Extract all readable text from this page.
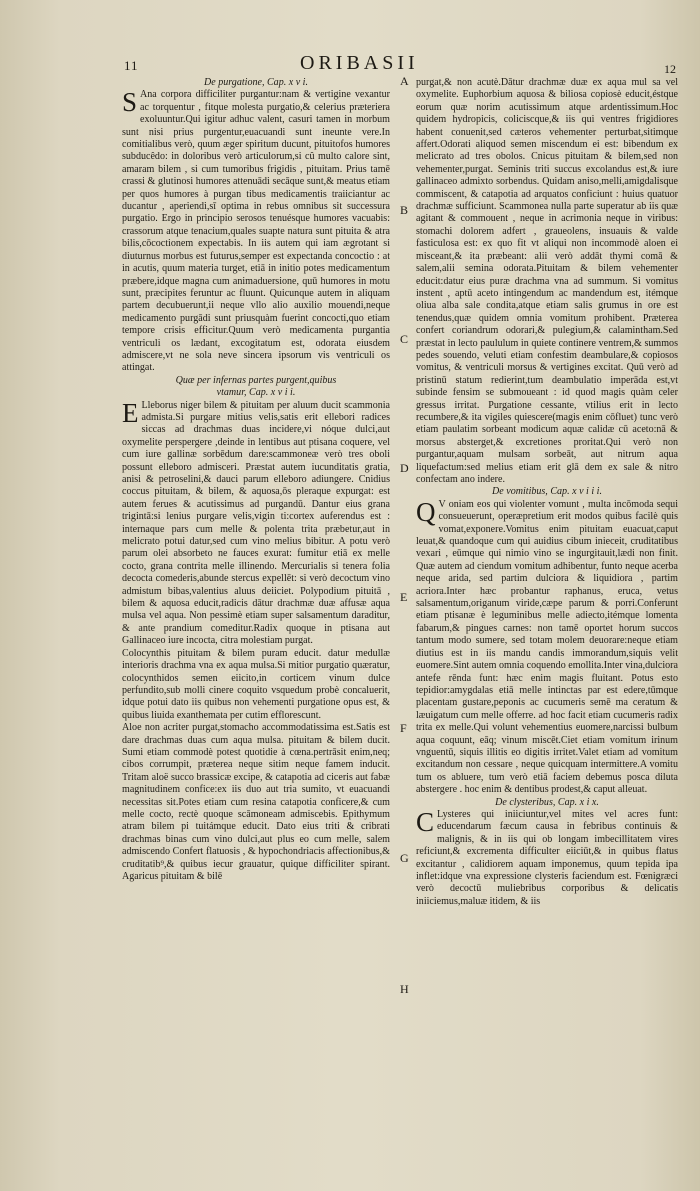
11	ORIBASII	12

De purgatione, Cap. x v i.

S Ana corpora difficiliter purgantur:nam & vertigine vexantur ac torquentur , fitque molesta purgatio,& celerius præteriera exoluuntur.Qui igitur adhuc valent, casuri tamen in morbum sunt nisi prius purgentur,euacuandi sunt ineunte vere.In comitialibus verò, quum æger spiritum ducunt, pituitofos humores subducêdo: in doloribus verò articulorum,si cû multo calore sint, amaram bilem , si cum tumoribus frigidis , pituitam. Prius tamē crassi & glutinosi humores attenuādi secāque sunt,& meatus etiam per quos humores à purgan tibus medicamentis traiiciantur ac ducantur , aperiendi,sī optima in rebus omnibus sit successura purgatio. Ergo in principio serosos tenuésque humores vacuabis: crassorum atque tenacium,quales suapte natura sunt pituita & atra bilis,cōcoctionem expectabis. In iis autem qui iam ægrotant si diuturnus morbus est futurus,semper est expectanda concoctio : at in acutis, quum materia turget, etiā in initio potes medicamentum præbere,idque magna cum animaduersione, quū humores in motu sunt, præcipites feruntur ac fluunt. Quicunque autem in aliquam partem decubuerunt,ii neque vllo alio auxilio mouendi,neque medicamento purgādi sunt priusquàm fuerint concocti,quo etiam tempore crisis efficitur.Quum verò medicamenta purgantia ventriculi os lædant, excogitatum est, odorata eiusdem admiscere,vt ne sola neve sincera ipsorum vis ventriculi os attingat.

Quæ per infernas partes purgent,quibus

vtamur, Cap. x v i i.

E Lleborus niger bilem & pituitam per aluum ducit scammonia admista.Si purgare mitius velis,satis erit ellebori radices siccas ad drachmas duas incidere,vi nóque dulci,aut oxymelite perspergere ,deinde in lentibus aut ptisana coquere, vel cum iure gallinæ sorbēdum dare:scammoneæ verò tres oboli possunt elleboro admisceri. Præstat autem iucunditatis gratia, anisi & petroselini,& dauci parum elleboro adiungere. Cnidius coccus pituitam, & bilem, & aquosa,ōs pleraque expurgat: est autem ferues & acutissimus ad purgandū. Dantur eius grana trigintā:si lenius purgare velis,vigin ti:cortex auferendus est : internaque pars cum melle & polenta trita præbetur,aut in melicrato potui datur,sed cum vino melius bibitur. A potu verò parum olei absorbeto ne fauces exurat: fumitur etiā ex melle cocto, grana contrita melle illinendo. Mercurialis si tenera folia decocta comederis,abunde stercus expellēt: si verò decoctum vino admistum bibas,valentius aluus deiiciet. Polypodium pituitā , bilem & aquosa educit,radicis dātur drachmæ duæ affusæ aqua mulsa vel aqua. Non pessimè etiam super salsamentum daraditur, & ante prandium comeditur.Radix quoque in ptisana aut Gallinaceo iure incocta, citra molestiam purgat.

Colocynthis pituitam & bilem puram educit. datur medullæ interioris drachma vna ex aqua mulsa.Si mitior purgatio quæratur, colocynthidos semen eiicito,in corticem vinum dulce perfundito,sub molli cinere coquito vsquedum probè concaluerit, idque potui dato iis quibus non vehementi purgatione opus est, & quibus liuida exanthemata per cutim efflorescunt.

Aloe non acriter purgat,stomacho accommodatissima est.Satis est dare drachmas duas cum aqua mulsa. pituitam & bilem ducit. Sumi etiam commodè potest quotidie à cœna.pertrāsit enim,neq; cibos corrumpit, præterea neque sitim neque famem inducit. Tritam aloë succo brassicæ excipe, & catapotia ad ciceris aut fabæ magnitudinem confice:ex iis duo aut tria sumito, vt euacuandi necessitas sit.Potes etiam cum resina catapotia conficere,& cum melle cocto, rectè quoque scāmoneam admiscebis. Epithymum atram bilem pi tuitámque educit. Dato eius triti & cribrati drachmas binas cum vino dulci,aut plus eo cum melle, salem admiscendo Confert flatuosis , & hypochondriacis affectionibus,& cruditatib⁹,& quibus iecur grauatur, quique difficiliter spirant. Agaricus pituitam & bilē

purgat,& non acutè.Dātur drachmæ duæ ex aqua mul sa vel oxymelite. Euphorbium aquosa & biliosa copiosè educit,éstque eorum quæ norim acutissimum atque ardentissimum.Hoc quidem hydropicis, coliciscque,& iis qui ventres frigidiores habent conuenit,sed cæteros vehementer perturbat,sitimque affert.Odorati aliquod semen miscendum ei est: bibendum ex melicrato ad tres obolos. Cnicus pituitam & bilem,sed non vehementer,purgat. Seminis triti succus excolandus est,& iure gallinaceo admixto sorbendus. Quidam aniso,melli,amigdalisque commiscent, & catapotia ad arquatos conficiunt : huius quatuor drachmæ sufficiunt. Scammonea nulla parte superatur ab iis quæ agitant & commouent , neque in acrimonia neque in viribus: stomachi dolorem adfert , graueolens, insuauis & valde fasticulosa est: ex quo fit vt aliqui non incommodè aloen ei misceant,& ita præbeant: alii verò addāt thymi comā & salem,alii semina odorata.Pituitam & bilem vehementer educit:datur eius puræ drachma vna ad summum. Si vomitus instent , aptū aceto intingendum ac mandendum est, itémque oliua alba sale condita,atque etiam salis grumus in ore est tenendus,quæ quidem omnia vomitum prohibent. Præterea confert coriandrum odorari,& pulegium,& calamintham.Sed præstat in lecto paululum in quiete continere ventrem,& summos pedes souendo, veluti etiam confestim deambulare,& copiosos vomitus, & ventriculi morsus & vertigines excitat. Quū verò ad pristinū statum redierint,tum deambulatio imperāda est,vt subinde fensim se submoueant : id quod magis quàm celer gressus irritat. Purgatione cessante, vtilius erit in lecto recumbere,& ita vigiles quiescere(magis enim cōfluet) tunc verò etiam paulatim sorbeant modicum aquæ calidæ cū aceto:nā & morsus absterget,& excretiones proritat.Qui verò non purgantur,aquam mulsam sorbeāt, aut nitrum aqua liquefactum:sed melius etiam erit glā dem ex sale & nitro confectam ano indere.

De vomitibus, Cap. x v i i i.

Q V oniam eos qui violenter vomunt , multa incōmoda sequi consueuerunt, operæpretium erit modos quibus facilè quis vomat,exponere.Vomitus enim pituitam euacuat,caput leuat,& quandoque cum qui auidius cibum inieceit, cruditatibus vexari , eūmque qui nimio vino se ingurgitauit,lædi non finit. Quæ autem ad ciendum vomitum adhibentur, funto neque acerba neque arida, sed partim dulciora & liquidiora , partim acriora.Inter hæc probantur raphanus, eruca, vetus salsamentum,origanum viride,cæpe parum & porri.Conferunt etiam ptisanæ è leguminibus melle adiecto,itémque lomenta fabarum,& pingues carnes: non tamē oportet horum succos tantum modo sumere, sed totam molem deuorare:neque etiam diutius est in iis mandu candis immorandum,siquis velit euomere.Sint autem omnia coquendo emollita.Inter vina,dulciora antefe rēnda funt: hæc enim magis fluitant. Potus esto tepidior:amygdalas etiā melle intinctas par est edere,tūmque placentam gustare,peponis ac cucumeris semē ma ceratum & læuigatum cum melle offerre. ad hoc facit etiam cucumeris radix trita ex melle.Qui volunt vehementius euomere,narcissi bulbum aqua coquunt, eāq; vinum miscēt.Ciet etiam vomitum irinum vnguentū, siquis illitis eo digitis irritet.Valet etiam ad vomitum excitandum non cessare , neque quicquam intermittere.A vomitu tum os abluere, tum verò etiā faciem debemus posca diluta abstergere . hoc enim & dentibus prodest,& caput alleuat.

De clysteribus, Cap. x i x.

C Lysteres qui iniiciuntur,vel mites vel acres funt: educendarum fæcum causa in febribus continuis & malignis, & in iis qui ob longam imbecillitatem vires reficiunt,& excrementa difficulter eiiciūt,& in quibus flatus excitantur , calidiorem aquam imponemus, quum tepida ipa inflet:idque vna expressione clysteris faciendum est. Fœnigræci verò decoctū muliebribus corporibus & delicatis iniiciemus,maluæ itidem, & iis

A
B
C
D
E
F
G
H
